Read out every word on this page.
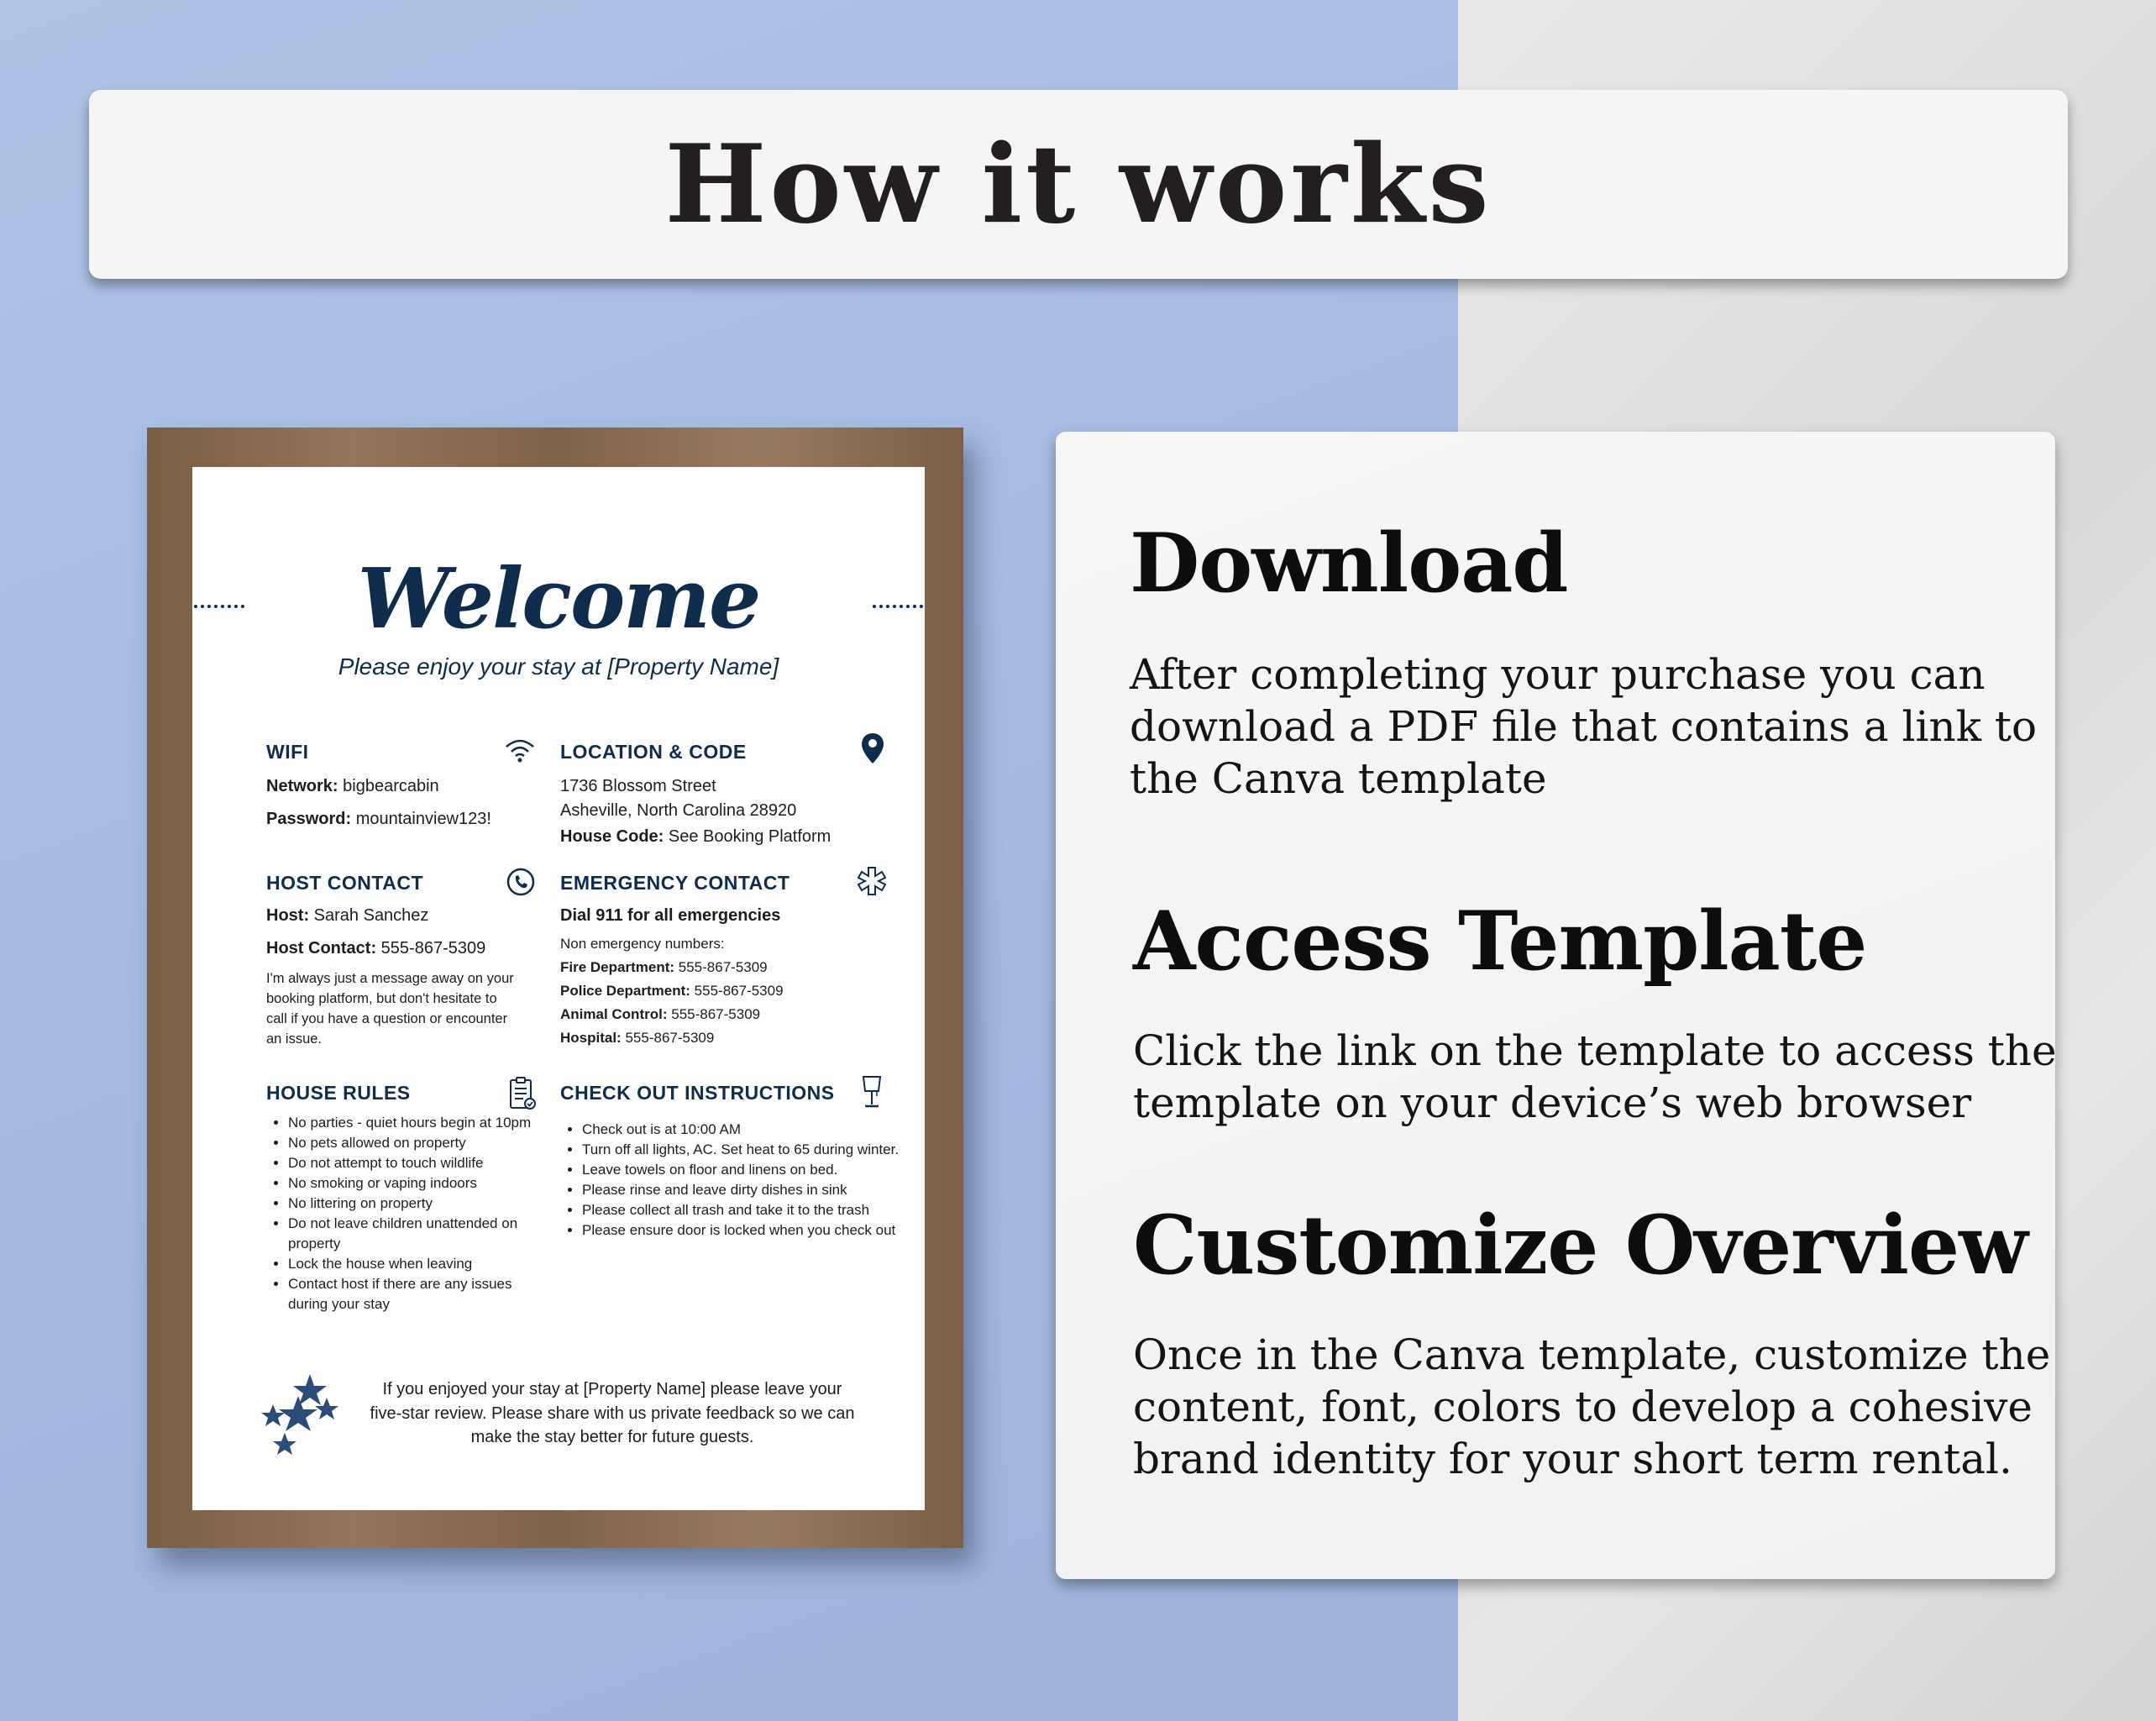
How it works
Welcome
Please enjoy your stay at [Property Name]
WIFI
Network: bigbearcabin
Password: mountainview123!
LOCATION & CODE
1736 Blossom Street
Asheville, North Carolina 28920
House Code: See Booking Platform
HOST CONTACT
Host: Sarah Sanchez
Host Contact: 555-867-5309
I'm always just a message away on your booking platform, but don't hesitate to call if you have a question or encounter an issue.
EMERGENCY CONTACT
Dial 911 for all emergencies
Non emergency numbers:
Fire Department: 555-867-5309
Police Department: 555-867-5309
Animal Control: 555-867-5309
Hospital: 555-867-5309
HOUSE RULES
• No parties - quiet hours begin at 10pm
• No pets allowed on property
• Do not attempt to touch wildlife
• No smoking or vaping indoors
• No littering on property
• Do not leave children unattended on property
• Lock the house when leaving
• Contact host if there are any issues during your stay
CHECK OUT INSTRUCTIONS
• Check out is at 10:00 AM
• Turn off all lights, AC. Set heat to 65 during winter.
• Leave towels on floor and linens on bed.
• Please rinse and leave dirty dishes in sink
• Please collect all trash and take it to the trash
• Please ensure door is locked when you check out
If you enjoyed your stay at [Property Name] please leave your five-star review. Please share with us private feedback so we can make the stay better for future guests.
Download

After completing your purchase you can download a PDF file that contains a link to the Canva template

Access Template

Click the link on the template to access the template on your device’s web browser

Customize Overview

Once in the Canva template, customize the content, font, colors to develop a cohesive brand identity for your short term rental.
